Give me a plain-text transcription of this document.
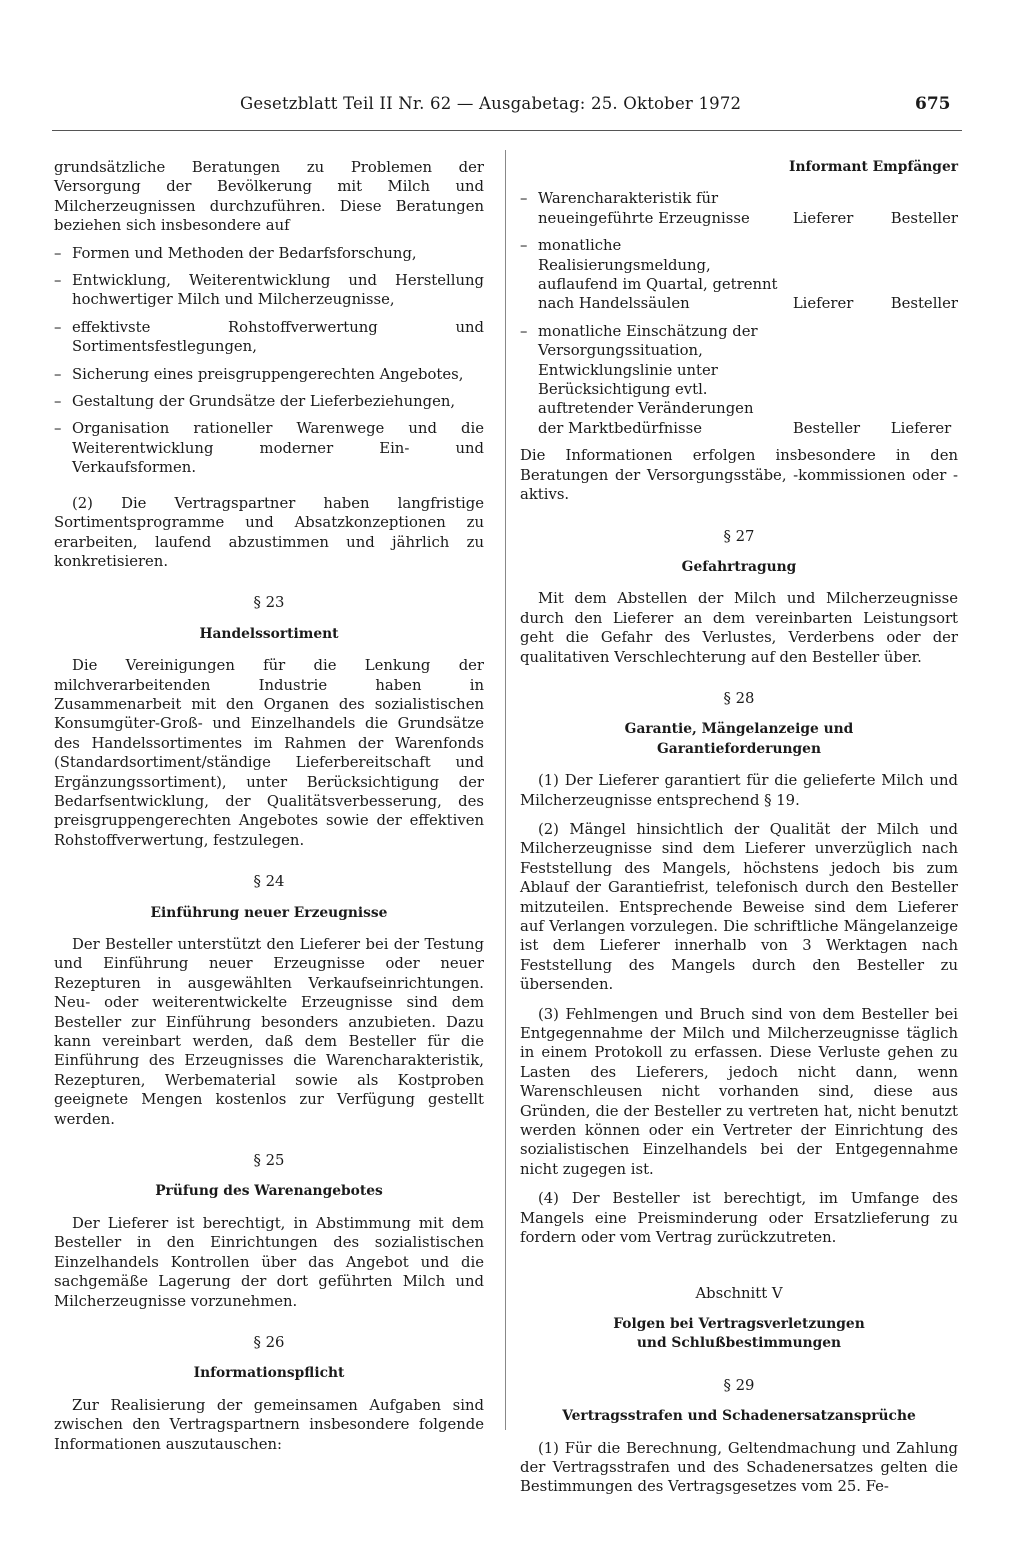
Gesetzblatt Teil II Nr. 62 — Ausgabetag: 25. Oktober 1972	675

grundsätzliche Beratungen zu Problemen der Versorgung der Bevölkerung mit Milch und Milcherzeugnissen durchzuführen. Diese Beratungen beziehen sich insbesondere auf

– Formen und Methoden der Bedarfsforschung,
– Entwicklung, Weiterentwicklung und Herstellung hochwertiger Milch und Milcherzeugnisse,
– effektivste Rohstoffverwertung und Sortimentsfestlegungen,
– Sicherung eines preisgruppengerechten Angebotes,
– Gestaltung der Grundsätze der Lieferbeziehungen,
– Organisation rationeller Warenwege und die Weiterentwicklung moderner Ein- und Verkaufsformen.

(2) Die Vertragspartner haben langfristige Sortimentsprogramme und Absatzkonzeptionen zu erarbeiten, laufend abzustimmen und jährlich zu konkretisieren.

§ 23
Handelssortiment

Die Vereinigungen für die Lenkung der milchverarbeitenden Industrie haben in Zusammenarbeit mit den Organen des sozialistischen Konsumgüter-Groß- und Einzelhandels die Grundsätze des Handelssortimentes im Rahmen der Warenfonds (Standardsortiment/ständige Lieferbereitschaft und Ergänzungssortiment), unter Berücksichtigung der Bedarfsentwicklung, der Qualitätsverbesserung, des preisgruppengerechten Angebotes sowie der effektiven Rohstoffverwertung, festzulegen.

§ 24
Einführung neuer Erzeugnisse

Der Besteller unterstützt den Lieferer bei der Testung und Einführung neuer Erzeugnisse oder neuer Rezepturen in ausgewählten Verkaufseinrichtungen. Neu- oder weiterentwickelte Erzeugnisse sind dem Besteller zur Einführung besonders anzubieten. Dazu kann vereinbart werden, daß dem Besteller für die Einführung des Erzeugnisses die Warencharakteristik, Rezepturen, Werbematerial sowie als Kostproben geeignete Mengen kostenlos zur Verfügung gestellt werden.

§ 25
Prüfung des Warenangebotes

Der Lieferer ist berechtigt, in Abstimmung mit dem Besteller in den Einrichtungen des sozialistischen Einzelhandels Kontrollen über das Angebot und die sachgemäße Lagerung der dort geführten Milch und Milcherzeugnisse vorzunehmen.

§ 26
Informationspflicht

Zur Realisierung der gemeinsamen Aufgaben sind zwischen den Vertragspartnern insbesondere folgende Informationen auszutauschen:

Informant Empfänger
– Warencharakteristik für neueingeführte Erzeugnisse	Lieferer	Besteller
– monatliche Realisierungsmeldung, auflaufend im Quartal, getrennt nach Handelssäulen	Lieferer	Besteller
– monatliche Einschätzung der Versorgungssituation, Entwicklungslinie unter Berücksichtigung evtl. auftretender Veränderungen der Marktbedürfnisse	Besteller	Lieferer

Die Informationen erfolgen insbesondere in den Beratungen der Versorgungsstäbe, -kommissionen oder -aktivs.

§ 27
Gefahrtragung

Mit dem Abstellen der Milch und Milcherzeugnisse durch den Lieferer an dem vereinbarten Leistungsort geht die Gefahr des Verlustes, Verderbens oder der qualitativen Verschlechterung auf den Besteller über.

§ 28
Garantie, Mängelanzeige und
Garantieforderungen

(1) Der Lieferer garantiert für die gelieferte Milch und Milcherzeugnisse entsprechend § 19.

(2) Mängel hinsichtlich der Qualität der Milch und Milcherzeugnisse sind dem Lieferer unverzüglich nach Feststellung des Mangels, höchstens jedoch bis zum Ablauf der Garantiefrist, telefonisch durch den Besteller mitzuteilen. Entsprechende Beweise sind dem Lieferer auf Verlangen vorzulegen. Die schriftliche Mängelanzeige ist dem Lieferer innerhalb von 3 Werktagen nach Feststellung des Mangels durch den Besteller zu übersenden.

(3) Fehlmengen und Bruch sind von dem Besteller bei Entgegennahme der Milch und Milcherzeugnisse täglich in einem Protokoll zu erfassen. Diese Verluste gehen zu Lasten des Lieferers, jedoch nicht dann, wenn Warenschleusen nicht vorhanden sind, diese aus Gründen, die der Besteller zu vertreten hat, nicht benutzt werden können oder ein Vertreter der Einrichtung des sozialistischen Einzelhandels bei der Entgegennahme nicht zugegen ist.

(4) Der Besteller ist berechtigt, im Umfange des Mangels eine Preisminderung oder Ersatzlieferung zu fordern oder vom Vertrag zurückzutreten.

Abschnitt V
Folgen bei Vertragsverletzungen
und Schlußbestimmungen
§ 29
Vertragsstrafen und Schadenersatzansprüche

(1) Für die Berechnung, Geltendmachung und Zahlung der Vertragsstrafen und des Schadenersatzes gelten die Bestimmungen des Vertragsgesetzes vom 25. Fe-
